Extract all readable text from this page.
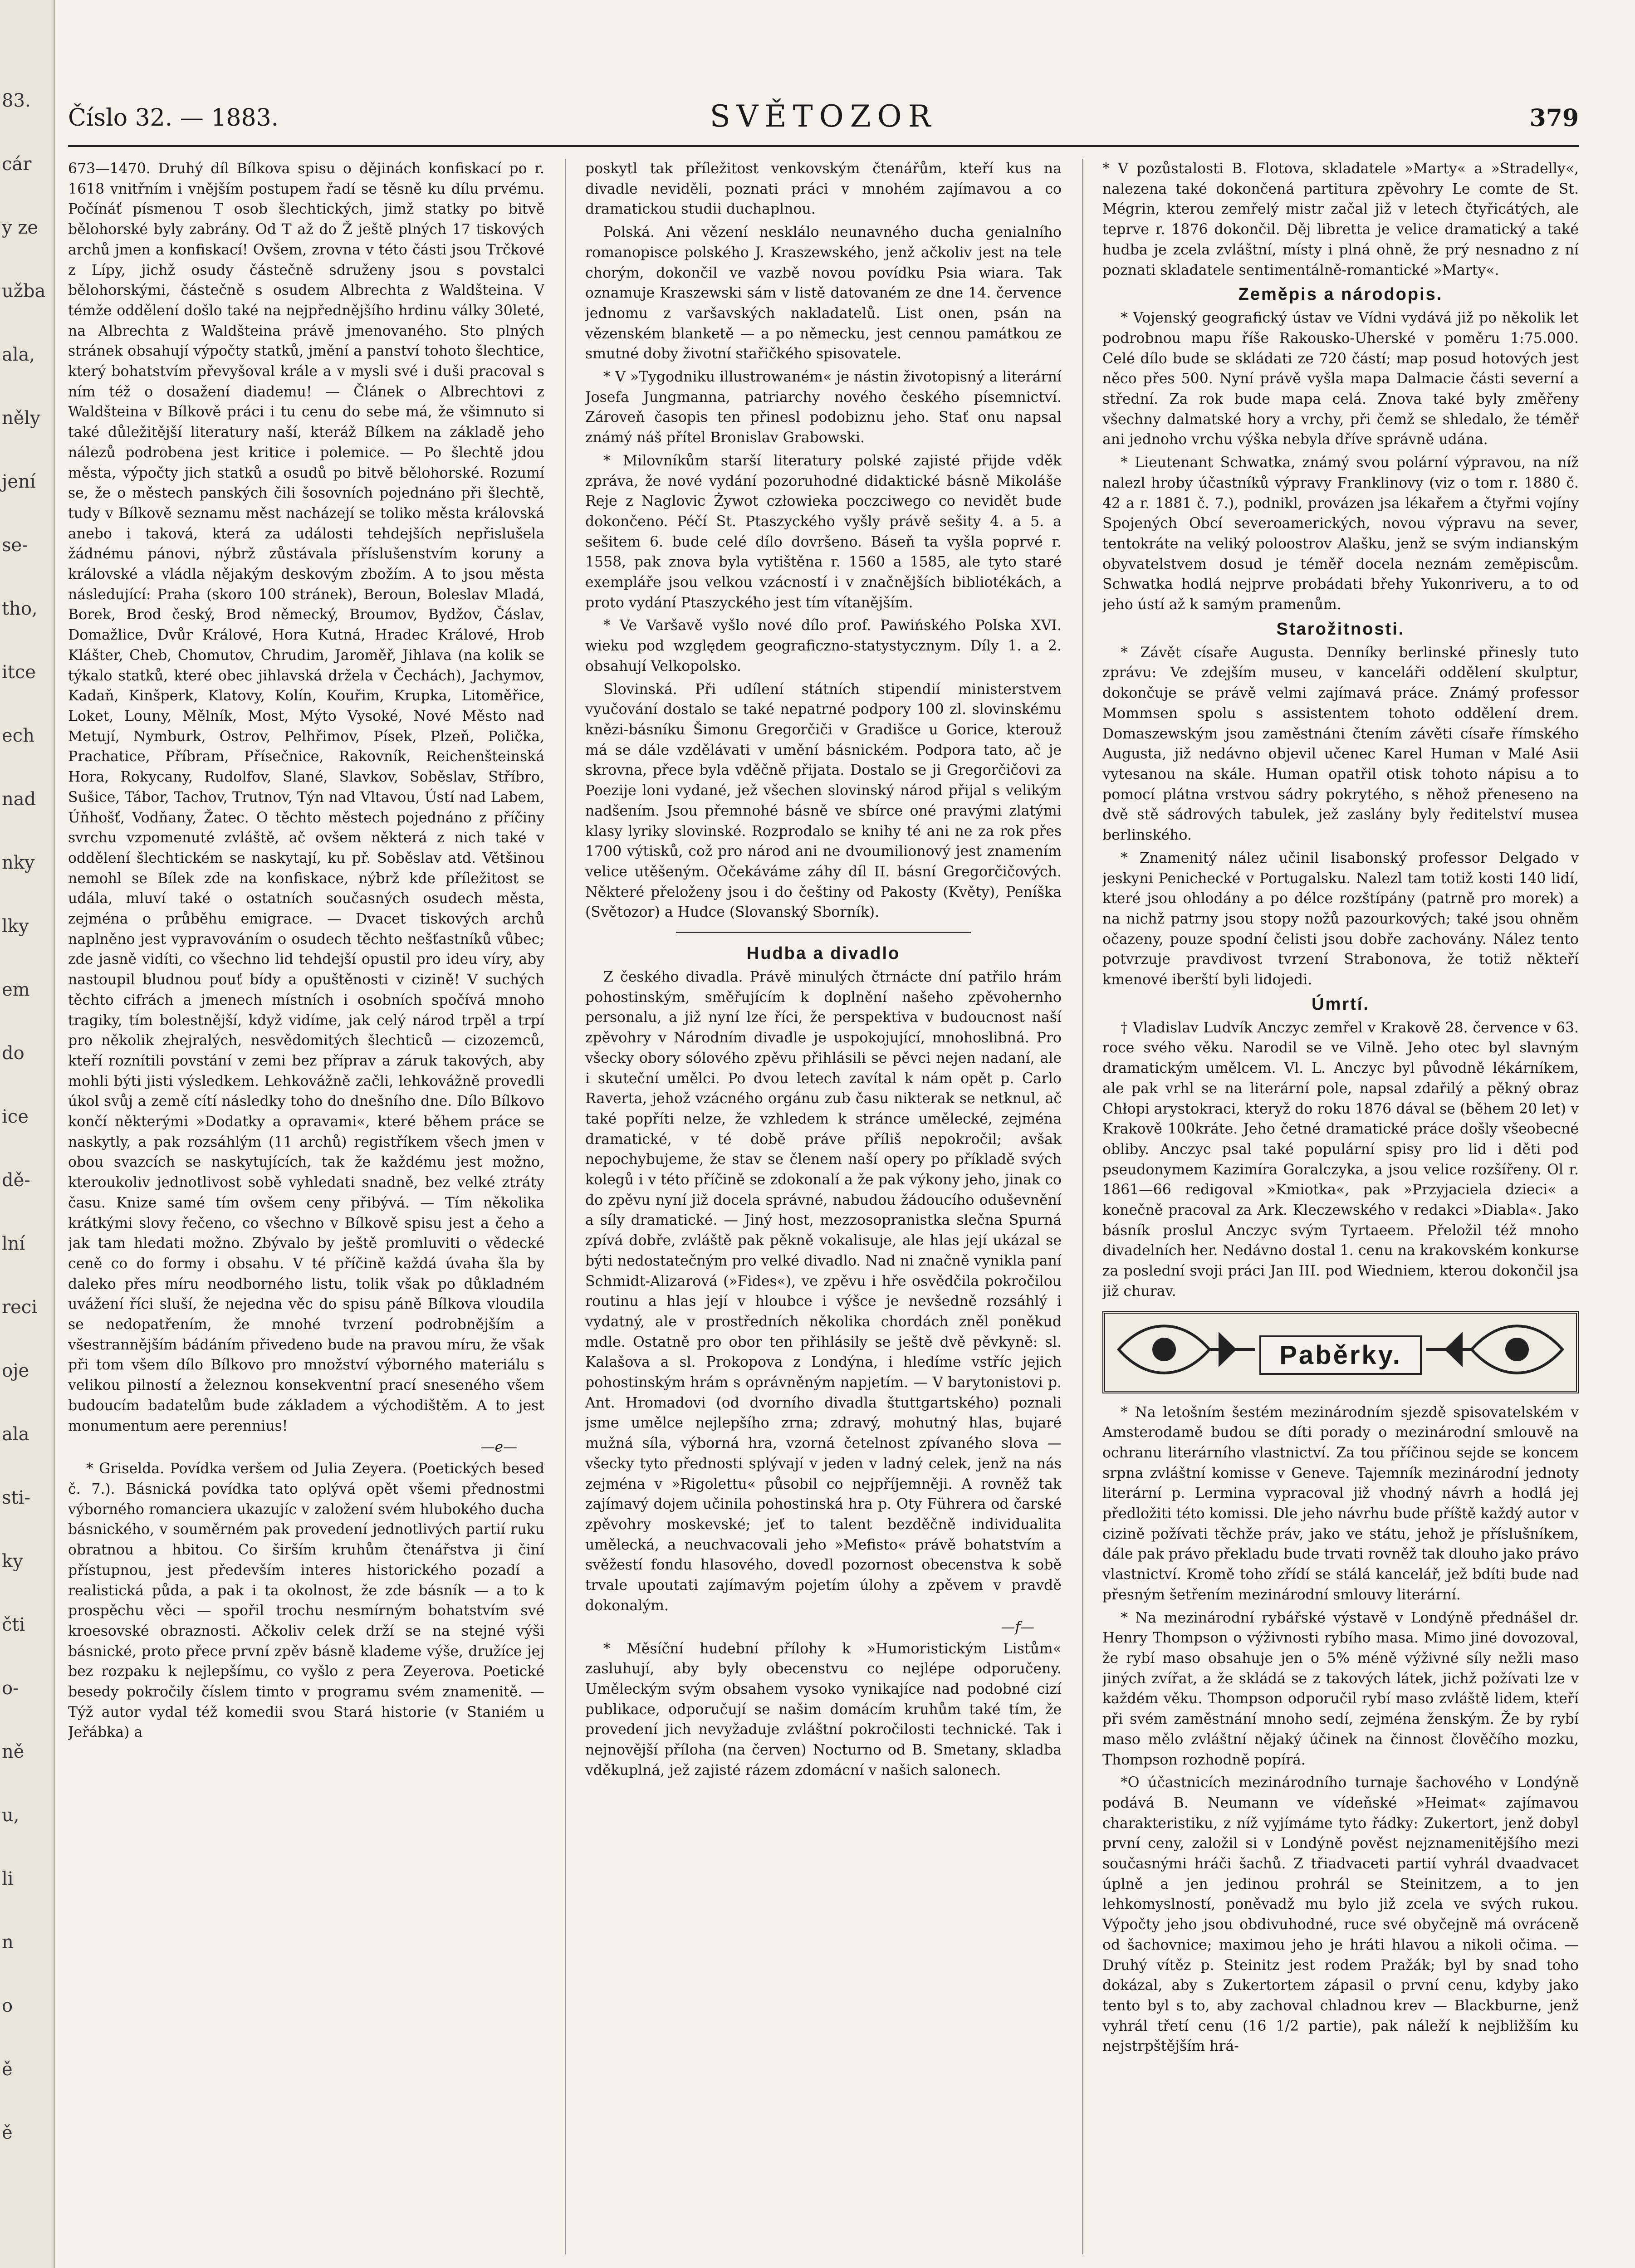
83.
cár
y ze
užba
ala,
něly
jení
se-
tho,
itce
ech
nad
nky
lky
em
do
ice
dě-
lní
reci
oje
ala
sti-
ky
čti
o-
ně
u,
li
n
o
ě
ě
Číslo 32. — 1883.	SVĚTOZOR	379

673—1470. Druhý díl Bílkova spisu o dějinách konfiskací po r. 1618 vnitřním i vnějším postupem řadí se těsně ku dílu prvému. Počínáť písmenou T osob šlechtických, jimž statky po bitvě bělohorské byly zabrány. Od T až do Ž ještě plných 17 tiskových archů jmen a konfiskací! Ovšem, zrovna v této části jsou Trčkové z Lípy, jichž osudy částečně sdruženy jsou s povstalci bělohorskými, částečně s osudem Albrechta z Waldšteina. V témže oddělení došlo také na nejpřednějšího hrdinu války 30leté, na Albrechta z Waldšteina právě jmenovaného. Sto plných stránek obsahují výpočty statků, jmění a panství tohoto šlechtice, který bohatstvím převyšoval krále a v mysli své i duši pracoval s ním též o dosažení diademu! — Článek o Albrechtovi z Waldšteina v Bílkově práci i tu cenu do sebe má, že všimnuto si také důležitější literatury naší, kteráž Bílkem na základě jeho nálezů podrobena jest kritice i polemice. — Po šlechtě jdou města, výpočty jich statků a osudů po bitvě bělohorské. Rozumí se, že o městech panských čili šosovních pojednáno při šlechtě, tudy v Bílkově seznamu měst nacházejí se toliko města královská anebo i taková, která za události tehdejších nepřislušela žádnému pánovi, nýbrž zůstávala příslušenstvím koruny a královské a vládla nějakým deskovým zbožím. A to jsou města následující: Praha (skoro 100 stránek), Beroun, Boleslav Mladá, Borek, Brod český, Brod německý, Broumov, Bydžov, Čáslav, Domažlice, Dvůr Králové, Hora Kutná, Hradec Králové, Hrob Klášter, Cheb, Chomutov, Chrudim, Jaroměř, Jihlava (na kolik se týkalo statků, které obec jihlavská držela v Čechách), Jachymov, Kadaň, Kinšperk, Klatovy, Kolín, Kouřim, Krupka, Litoměřice, Loket, Louny, Mělník, Most, Mýto Vysoké, Nové Město nad Metují, Nymburk, Ostrov, Pelhřimov, Písek, Plzeň, Polička, Prachatice, Příbram, Přísečnice, Rakovník, Reichenšteinská Hora, Rokycany, Rudolfov, Slané, Slavkov, Soběslav, Stříbro, Sušice, Tábor, Tachov, Trutnov, Týn nad Vltavou, Ústí nad Labem, Úňhošť, Vodňany, Žatec. O těchto městech pojednáno z příčiny svrchu vzpomenuté zvláště, ač ovšem některá z nich také v oddělení šlechtickém se naskytají, ku př. Soběslav atd. Většinou nemohl se Bílek zde na konfiskace, nýbrž kde příležitost se udála, mluví také o ostatních současných osudech města, zejména o průběhu emigrace. — Dvacet tiskových archů naplněno jest vypravováním o osudech těchto nešťastníků vůbec; zde jasně vidíti, co všechno lid tehdejší opustil pro ideu víry, aby nastoupil bludnou pouť bídy a opuštěnosti v cizině! V suchých těchto cifrách a jmenech místních i osobních spočívá mnoho tragiky, tím bolestnější, když vidíme, jak celý národ trpěl a trpí pro několik zhejralých, nesvědomitých šlechticů — cizozemců, kteří roznítili povstání v zemi bez příprav a záruk takových, aby mohli býti jisti výsledkem. Lehkovážně začli, lehkovážně provedli úkol svůj a země cítí následky toho do dnešního dne. Dílo Bílkovo končí některými »Dodatky a opravami«, které během práce se naskytly, a pak rozsáhlým (11 archů) registříkem všech jmen v obou svazcích se naskytujících, tak že každému jest možno, kteroukoliv jednotlivost sobě vyhledati snadně, bez velké ztráty času. Knize samé tím ovšem ceny přibývá. — Tím několika krátkými slovy řečeno, co všechno v Bílkově spisu jest a čeho a jak tam hledati možno. Zbývalo by ještě promluviti o vědecké ceně co do formy i obsahu. V té příčině každá úvaha šla by daleko přes míru neodborného listu, tolik však po důkladném uvážení říci sluší, že nejedna věc do spisu páně Bílkova vloudila se nedopatřením, že mnohé tvrzení podrobnějším a všestrannějším bádáním přivedeno bude na pravou míru, že však při tom všem dílo Bílkovo pro množství výborného materiálu s velikou pilností a železnou konsekventní prací sneseného všem budoucím badatelům bude základem a východištěm. A to jest monumentum aere perennius!

—e—

* Griselda. Povídka veršem od Julia Zeyera. (Poetických beseď č. 7.). Básnická povídka tato oplývá opět všemi přednostmi výborného romanciera ukazujíc v založení svém hlubokého ducha básnického, v souměrném pak provedení jednotlivých partií ruku obratnou a hbitou. Co širším kruhům čtenářstva ji činí přístupnou, jest především interes historického pozadí a realistická půda, a pak i ta okolnost, že zde básník — a to k prospěchu věci — spořil trochu nesmírným bohatstvím své kroesovské obraznosti. Ačkoliv celek drží se na stejné výši básnické, proto přece první zpěv básně klademe výše, družíce jej bez rozpaku k nejlepšímu, co vyšlo z pera Zeyerova. Poetické besedy pokročily číslem timto v programu svém znamenitě. — Týž autor vydal též komedii svou Stará historie (v Staniém u Jeřábka) a

poskytl tak příležitost venkovským čtenářům, kteří kus na divadle neviděli, poznati práci v mnohém zajímavou a co dramatickou studii duchaplnou.

Polská. Ani vězení nesklálo neunavného ducha genialního romanopisce polského J. Kraszewského, jenž ačkoliv jest na tele chorým, dokončil ve vazbě novou povídku Psia wiara. Tak oznamuje Kraszewski sám v listě datovaném ze dne 14. července jednomu z varšavských nakladatelů. List onen, psán na vězenském blanketě — a po německu, jest cennou památkou ze smutné doby životní stařičkého spisovatele.

* V »Tygodniku illustrowaném« je nástin životopisný a literární Josefa Jungmanna, patriarchy nového českého písemnictví. Zároveň časopis ten přinesl podobiznu jeho. Stať onu napsal známý náš přítel Bronislav Grabowski.

* Milovníkům starší literatury polské zajisté přijde vděk zpráva, že nové vydání pozoruhodné didaktické básně Mikoláše Reje z Naglovic Żywot człowieka poczciwego co nevidět bude dokončeno. Péčí St. Ptaszyckého vyšly právě sešity 4. a 5. a sešitem 6. bude celé dílo dovršeno. Báseň ta vyšla poprvé r. 1558, pak znova byla vytištěna r. 1560 a 1585, ale tyto staré exempláře jsou velkou vzácností i v značnějších bibliotékách, a proto vydání Ptaszyckého jest tím vítanějším.

* Ve Varšavě vyšlo nové dílo prof. Pawińského Polska XVI. wieku pod względem geograficzno-statystycznym. Díly 1. a 2. obsahují Velkopolsko.

Slovinská. Při udílení státních stipendií ministerstvem vyučování dostalo se také nepatrné podpory 100 zl. slovinskému knězi-básníku Šimonu Gregorčiči v Gradišce u Gorice, kterouž má se dále vzdělávati v umění básnickém. Podpora tato, ač je skrovna, přece byla vděčně přijata. Dostalo se ji Gregorčičovi za Poezije loni vydané, jež všechen slovinský národ přijal s velikým nadšením. Jsou přemnohé básně ve sbírce oné pravými zlatými klasy lyriky slovinské. Rozprodalo se knihy té ani ne za rok přes 1700 výtisků, což pro národ ani ne dvoumilionový jest znamením velice utěšeným. Očekáváme záhy díl II. básní Gregorčičových. Některé přeloženy jsou i do češtiny od Pakosty (Květy), Peníška (Světozor) a Hudce (Slovanský Sborník).

Hudba a divadlo

Z českého divadla. Právě minulých čtrnácte dní patřilo hrám pohostinským, směřujícím k doplnění našeho zpěvohernho personalu, a již nyní lze říci, že perspektiva v budoucnost naší zpěvohry v Národním divadle je uspokojující, mnohoslibná. Pro všecky obory sólového zpěvu přihlásili se pěvci nejen nadaní, ale i skuteční umělci. Po dvou letech zavítal k nám opět p. Carlo Raverta, jehož vzácného orgánu zub času nikterak se netknul, ač také popříti nelze, že vzhledem k stránce umělecké, zejména dramatické, v té době práve příliš nepokročil; avšak nepochybujeme, že stav se členem naší opery po příkladě svých kolegů i v této příčině se zdokonalí a že pak výkony jeho, jinak co do zpěvu nyní již docela správné, nabudou žádoucího oduševnění a síly dramatické. — Jiný host, mezzosopranistka slečna Spurná zpívá dobře, zvláště pak pěkně vokalisuje, ale hlas její ukázal se býti nedostatečným pro velké divadlo. Nad ni značně vynikla paní Schmidt-Alizarová (»Fides«), ve zpěvu i hře osvědčila pokročilou routinu a hlas její v hloubce i výšce je nevšedně rozsáhlý i vydatný, ale v prostředních několika chordách zněl poněkud mdle. Ostatně pro obor ten přihlásily se ještě dvě pěvkyně: sl. Kalašova a sl. Prokopova z Londýna, i hledíme vstříc jejich pohostinským hrám s oprávněným napjetím. — V barytonistovi p. Ant. Hromadovi (od dvorního divadla štuttgartského) poznali jsme umělce nejlepšího zrna; zdravý, mohutný hlas, bujaré mužná síla, výborná hra, vzorná četelnost zpívaného slova — všecky tyto přednosti splývají v jeden v ladný celek, jenž na nás zejména v »Rigolettu« působil co nejpříjemněji. A rovněž tak zajímavý dojem učinila pohostinská hra p. Oty Führera od čarské zpěvohry moskevské; jeť to talent bezděčně individualita umělecká, a neuchvacovali jeho »Mefisto« právě bohatstvím a svěžestí fondu hlasového, dovedl pozornost obecenstva k sobě trvale upoutati zajímavým pojetím úlohy a zpěvem v pravdě dokonalým.

—f—

* Měsíční hudební přílohy k »Humoristickým Listům« zasluhují, aby byly obecenstvu co nejlépe odporučeny. Uměleckým svým obsahem vysoko vynikajíce nad podobné cizí publikace, odporučují se našim domácím kruhům také tím, že provedení jich nevyžaduje zvláštní pokročilosti technické. Tak i nejnovější příloha (na červen) Nocturno od B. Smetany, skladba vděkuplná, jež zajisté rázem zdomácní v našich salonech.

* V pozůstalosti B. Flotova, skladatele »Marty« a »Stradelly«, nalezena také dokončená partitura zpěvohry Le comte de St. Mégrin, kterou zemřelý mistr začal již v letech čtyřicátých, ale teprve r. 1876 dokončil. Děj libretta je velice dramatický a také hudba je zcela zvláštní, místy i plná ohně, že prý nesnadno z ní poznati skladatele sentimentálně-romantické »Marty«.

Zeměpis a národopis.

* Vojenský geografický ústav ve Vídni vydává již po několik let podrobnou mapu říše Rakousko-Uherské v poměru 1:75.000. Celé dílo bude se skládati ze 720 částí; map posud hotových jest něco přes 500. Nyní právě vyšla mapa Dalmacie části severní a střední. Za rok bude mapa celá. Znova také byly změřeny všechny dalmatské hory a vrchy, při čemž se shledalo, že téměř ani jednoho vrchu výška nebyla dříve správně udána.

* Lieutenant Schwatka, známý svou polární výpravou, na níž nalezl hroby účastníků výpravy Franklinovy (viz o tom r. 1880 č. 42 a r. 1881 č. 7.), podnikl, provázen jsa lékařem a čtyřmi vojíny Spojených Obcí severoamerických, novou výpravu na sever, tentokráte na veliký poloostrov Alašku, jenž se svým indianským obyvatelstvem dosud je téměř docela neznám zeměpiscům. Schwatka hodlá nejprve probádati břehy Yukonriveru, a to od jeho ústí až k samým pramenům.

Starožitnosti.

* Závět císaře Augusta. Denníky berlinské přinesly tuto zprávu: Ve zdejším museu, v kanceláři oddělení skulptur, dokončuje se právě velmi zajímavá práce. Známý professor Mommsen spolu s assistentem tohoto oddělení drem. Domaszewským jsou zaměstnáni čtením závěti císaře římského Augusta, již nedávno objevil učenec Karel Human v Malé Asii vytesanou na skále. Human opatřil otisk tohoto nápisu a to pomocí plátna vrstvou sádry pokrytého, s něhož přeneseno na dvě stě sádrových tabulek, jež zaslány byly ředitelství musea berlinského.

* Znamenitý nález učinil lisabonský professor Delgado v jeskyni Penichecké v Portugalsku. Nalezl tam totiž kosti 140 lidí, které jsou ohlodány a po délce rozštípány (patrně pro morek) a na nichž patrny jsou stopy nožů pazourkových; také jsou ohněm očazeny, pouze spodní čelisti jsou dobře zachovány. Nález tento potvrzuje pravdivost tvrzení Strabonova, že totiž někteří kmenové iberští byli lidojedi.

Úmrtí.

† Vladislav Ludvík Anczyc zemřel v Krakově 28. července v 63. roce svého věku. Narodil se ve Vilně. Jeho otec byl slavným dramatickým umělcem. Vl. L. Anczyc byl původně lékárníkem, ale pak vrhl se na literární pole, napsal zdařilý a pěkný obraz Chłopi arystokraci, kteryž do roku 1876 dával se (během 20 let) v Krakově 100kráte. Jeho četné dramatické práce došly všeobecné obliby. Anczyc psal také populární spisy pro lid i děti pod pseudonymem Kazimíra Goralczyka, a jsou velice rozšířeny. Ol r. 1861—66 redigoval »Kmiotka«, pak »Przyjaciela dzieci« a konečně pracoval za Ark. Kleczewského v redakci »Diabla«. Jako básník proslul Anczyc svým Tyrtaeem. Přeložil též mnoho divadelních her. Nedávno dostal 1. cenu na krakovském konkurse za poslední svoji práci Jan III. pod Wiedniem, kterou dokončil jsa již churav.

Paběrky.

* Na letošním šestém mezinárodním sjezdě spisovatelském v Amsterodamě budou se díti porady o mezinárodní smlouvě na ochranu literárního vlastnictví. Za tou příčinou sejde se koncem srpna zvláštní komisse v Geneve. Tajemník mezinárodní jednoty literární p. Lermina vypracoval již vhodný návrh a hodlá jej předložiti této komissi. Dle jeho návrhu bude příště každý autor v cizině požívati těchže práv, jako ve státu, jehož je příslušníkem, dále pak právo překladu bude trvati rovněž tak dlouho jako právo vlastnictví. Kromě toho zřídí se stálá kancelář, jež bdíti bude nad přesným šetřením mezinárodní smlouvy literární.

* Na mezinárodní rybářské výstavě v Londýně přednášel dr. Henry Thompson o výživnosti rybího masa. Mimo jiné dovozoval, že rybí maso obsahuje jen o 5% méně výživné síly nežli maso jiných zvířat, a že skládá se z takových látek, jichž požívati lze v každém věku. Thompson odporučil rybí maso zvláště lidem, kteří při svém zaměstnání mnoho sedí, zejména ženským. Že by rybí maso mělo zvláštní nějaký účinek na činnost člověčího mozku, Thompson rozhodně popírá.

*O účastnicích mezinárodního turnaje šachového v Londýně podává B. Neumann ve vídeňské »Heimat« zajímavou charakteristiku, z níž vyjímáme tyto řádky: Zukertort, jenž dobyl první ceny, založil si v Londýně pověst nejznamenitějšího mezi současnými hráči šachů. Z třiadvaceti partií vyhrál dvaadvacet úplně a jen jedinou prohrál se Steinitzem, a to jen lehkomyslností, poněvadž mu bylo již zcela ve svých rukou. Výpočty jeho jsou obdivuhodné, ruce své obyčejně má ovráceně od šachovnice; maximou jeho je hráti hlavou a nikoli očima. — Druhý vítěz p. Steinitz jest rodem Pražák; byl by snad toho dokázal, aby s Zukertortem zápasil o první cenu, kdyby jako tento byl s to, aby zachoval chladnou krev — Blackburne, jenž vyhrál třetí cenu (16 1/2 partie), pak náleží k nejbližším ku nejstrpštějším hrá-
